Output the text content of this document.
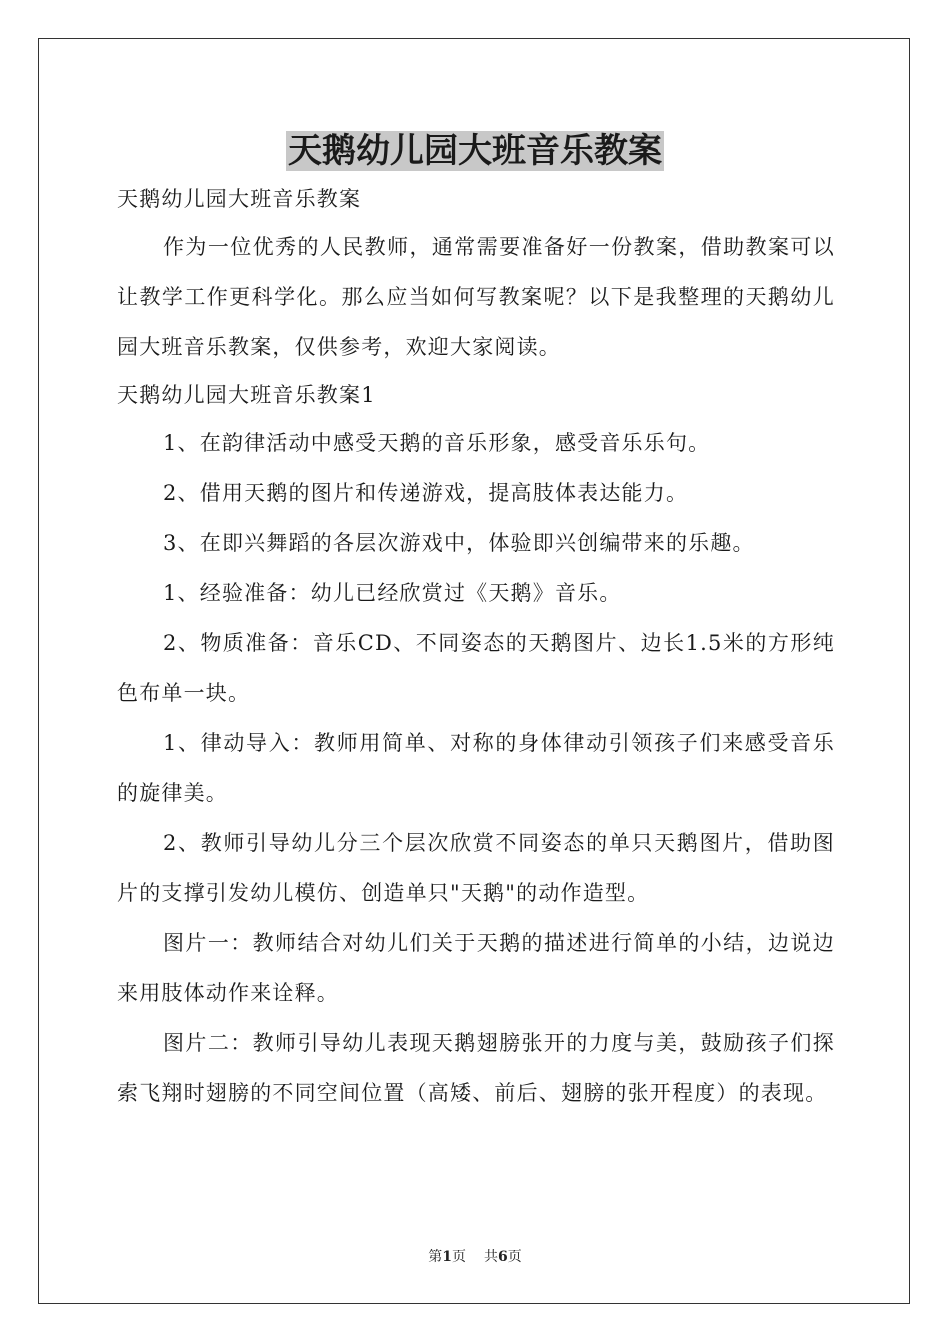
天鹅幼儿园大班音乐教案

天鹅幼儿园大班音乐教案

作为一位优秀的人民教师，通常需要准备好一份教案，借助教案可以让教学工作更科学化。那么应当如何写教案呢？以下是我整理的天鹅幼儿园大班音乐教案，仅供参考，欢迎大家阅读。

天鹅幼儿园大班音乐教案1

1、在韵律活动中感受天鹅的音乐形象，感受音乐乐句。

2、借用天鹅的图片和传递游戏，提高肢体表达能力。

3、在即兴舞蹈的各层次游戏中，体验即兴创编带来的乐趣。

1、经验准备：幼儿已经欣赏过《天鹅》音乐。

2、物质准备：音乐CD、不同姿态的天鹅图片、边长1.5米的方形纯色布单一块。

1、律动导入：教师用简单、对称的身体律动引领孩子们来感受音乐的旋律美。

2、教师引导幼儿分三个层次欣赏不同姿态的单只天鹅图片，借助图片的支撑引发幼儿模仿、创造单只"天鹅"的动作造型。

图片一：教师结合对幼儿们关于天鹅的描述进行简单的小结，边说边来用肢体动作来诠释。

图片二：教师引导幼儿表现天鹅翅膀张开的力度与美，鼓励孩子们探索飞翔时翅膀的不同空间位置（高矮、前后、翅膀的张开程度）的表现。

第1页 共6页
